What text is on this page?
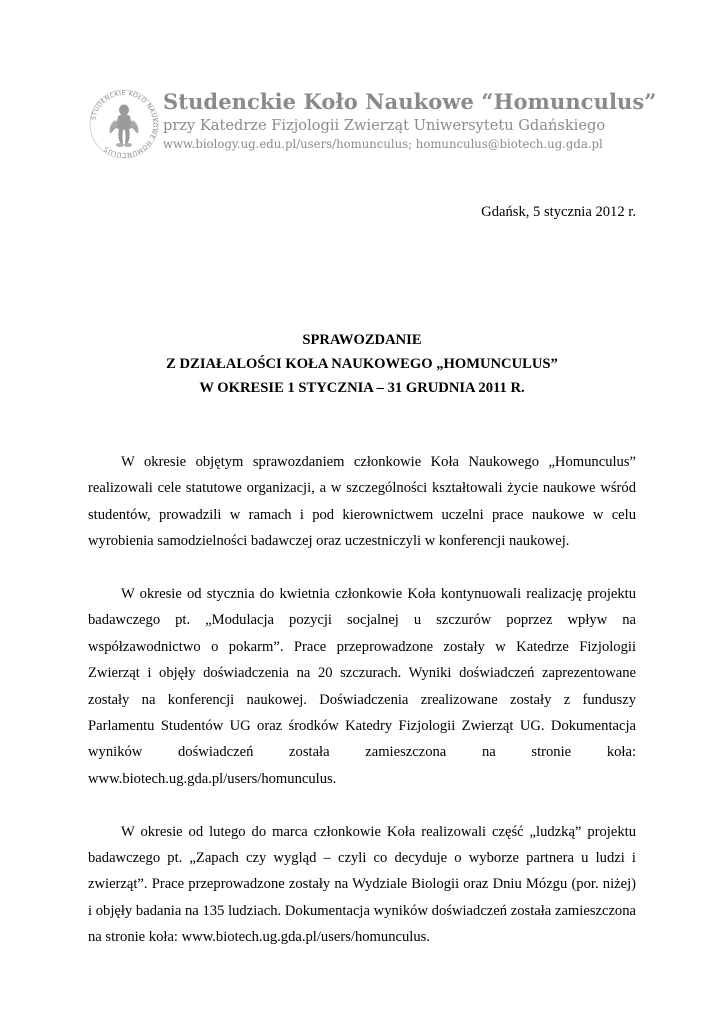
STUDENCKIE KOŁO NAUKOWE HOMUNCULUS
Studenckie Koło Naukowe “Homunculus”
przy Katedrze Fizjologii Zwierząt Uniwersytetu Gdańskiego
www.biology.ug.edu.pl/users/homunculus; homunculus@biotech.ug.gda.pl
Gdańsk, 5 stycznia 2012 r.
SPRAWOZDANIE
Z DZIAŁALOŚCI KOŁA NAUKOWEGO „HOMUNCULUS”
W OKRESIE 1 STYCZNIA – 31 GRUDNIA 2011 R.

W okresie objętym sprawozdaniem członkowie Koła Naukowego „Homunculus” realizowali cele statutowe organizacji, a w szczególności kształtowali życie naukowe wśród studentów, prowadzili w ramach i pod kierownictwem uczelni prace naukowe w celu wyrobienia samodzielności badawczej oraz uczestniczyli w konferencji naukowej.

W okresie od stycznia do kwietnia członkowie Koła kontynuowali realizację projektu badawczego pt. „Modulacja pozycji socjalnej u szczurów poprzez wpływ na współzawodnictwo o pokarm”. Prace przeprowadzone zostały w Katedrze Fizjologii Zwierząt i objęły doświadczenia na 20 szczurach. Wyniki doświadczeń zaprezentowane zostały na konferencji naukowej. Doświadczenia zrealizowane zostały z funduszy Parlamentu Studentów UG oraz środków Katedry Fizjologii Zwierząt UG. Dokumentacja wyników doświadczeń została zamieszczona na stronie koła: www.biotech.ug.gda.pl/users/homunculus.

W okresie od lutego do marca członkowie Koła realizowali część „ludzką” projektu badawczego pt. „Zapach czy wygląd – czyli co decyduje o wyborze partnera u ludzi i zwierząt”. Prace przeprowadzone zostały na Wydziale Biologii oraz Dniu Mózgu (por. niżej) i objęły badania na 135 ludziach. Dokumentacja wyników doświadczeń została zamieszczona na stronie koła: www.biotech.ug.gda.pl/users/homunculus.
